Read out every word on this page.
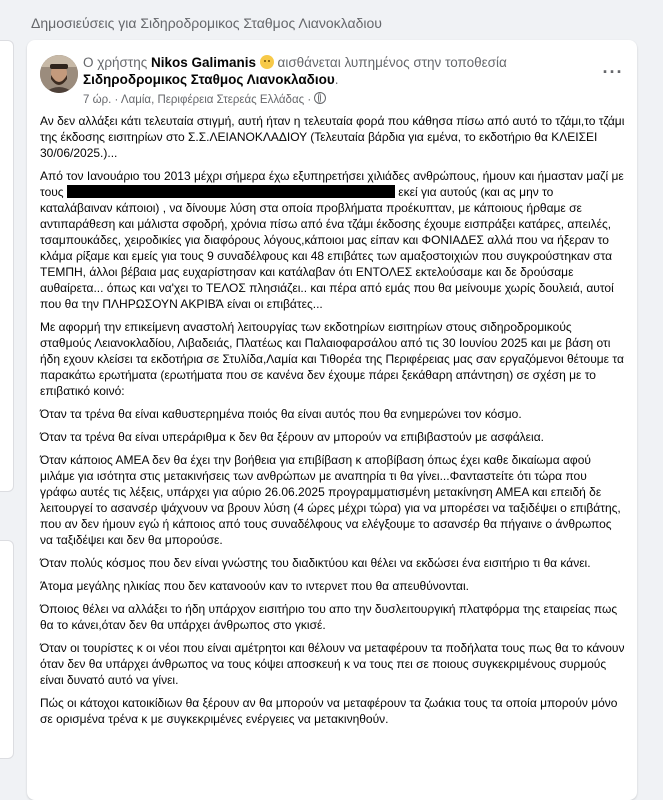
Δημοσιεύσεις για Σιδηροδρομικος Σταθμος Λιανοκλαδιου
Ο χρήστης Nikos Galimanis  αισθάνεται λυπημένος στην τοποθεσία Σιδηροδρομικος Σταθμος Λιανοκλαδιου.
7 ώρ. · Λαμία, Περιφέρεια Στερεάς Ελλάδας ·
···

Αν δεν αλλάξει κάτι τελευταία στιγμή, αυτή ήταν η τελευταία φορά που κάθησα πίσω από αυτό το τζάμι,το τζάμι της έκδοσης εισιτηρίων στο Σ.Σ.ΛΕΙΑΝΟΚΛΑΔΙΟΥ (Τελευταία βάρδια για εμένα, το εκδοτήριο θα ΚΛΕΙΣΕΙ 30/06/2025.)...

Από τον Ιανουάριο του 2013 μέχρι σήμερα έχω εξυπηρετήσει χιλιάδες ανθρώπους, ήμουν και ήμασταν μαζί με τους	εκεί για αυτούς (και ας μην το καταλάβαιναν κάποιοι) , να δίνουμε λύση στα οποία προβλήματα προέκυπταν, με κάποιους ήρθαμε σε αντιπαράθεση και μάλιστα σφοδρή, χρόνια πίσω από ένα τζάμι έκδοσης έχουμε εισπράξει κατάρες, απειλές, τσαμπουκάδες, χειροδικίες για διαφόρους λόγους,κάποιοι μας είπαν και ΦΟΝΙΑΔΕΣ αλλά που να ήξεραν το κλάμα ρίξαμε και εμείς για τους 9 συναδέλφους και 48 επιβάτες των αμαξοστοιχιών που συγκρούστηκαν στα ΤΕΜΠΗ, άλλοι βέβαια μας ευχαρίστησαν και κατάλαβαν ότι ΕΝΤΟΛΕΣ εκτελούσαμε και δε δρούσαμε αυθαίρετα... όπως και να'χει το ΤΕΛΟΣ πλησιάζει.. και πέρα από εμάς που θα μείνουμε χωρίς δουλειά, αυτοί που θα την ΠΛΗΡΩΣΟΥΝ ΑΚΡΙΒΆ είναι οι επιβάτες...

Με αφορμή την επικείμενη αναστολή λειτουργίας των εκδοτηρίων εισιτηρίων στους σιδηροδρομικούς σταθμούς Λειανοκλαδίου, Λιβαδειάς, Πλατέως και Παλαιοφαρσάλου από τις 30 Ιουνίου 2025 και με βάση οτι ήδη εχουν κλείσει τα εκδοτήρια σε Στυλίδα,Λαμία και Τιθορέα της Περιφέρειας μας σαν εργαζόμενοι θέτουμε τα παρακάτω ερωτήματα (ερωτήματα που σε κανένα δεν έχουμε πάρει ξεκάθαρη απάντηση) σε σχέση με το επιβατικό κοινό:

Όταν τα τρένα θα είναι καθυστερημένα ποιός θα είναι αυτός που θα ενημερώνει τον κόσμο.

Όταν τα τρένα θα είναι υπεράριθμα κ δεν θα ξέρουν αν μπορούν να επιβιβαστούν με ασφάλεια.

Όταν κάποιος ΑΜΕΑ δεν θα έχει την βοήθεια για επιβίβαση κ αποβίβαση όπως έχει καθε δικαίωμα αφού μιλάμε για ισότητα στις μετακινήσεις των ανθρώπων με αναπηρία τι θα γίνει...Φανταστείτε ότι τώρα που γράφω αυτές τις λέξεις, υπάρχει για αύριο 26.06.2025 προγραμματισμένη μετακίνηση ΑΜΕΑ και επειδή δε λειτουργεί το ασανσέρ ψάχνουν να βρουν λύση (4 ώρες μέχρι τώρα) για να μπορέσει να ταξιδέψει ο επιβάτης, που αν δεν ήμουν εγώ ή κάποιος από τους συναδέλφους να ελέγξουμε το ασανσέρ θα πήγαινε ο άνθρωπος να ταξιδέψει και δεν θα μπορούσε.

Όταν πολύς κόσμος που δεν είναι γνώστης του διαδικτύου και θέλει να εκδώσει ένα εισιτήριο τι θα κάνει.

Άτομα μεγάλης ηλικίας που δεν κατανοούν καν το ιντερνετ που θα απευθύνονται.

Όποιος θέλει να αλλάξει το ήδη υπάρχον εισιτήριο του απο την δυσλειτουργική πλατφόρμα της εταιρείας πως θα το κάνει,όταν δεν θα υπάρχει άνθρωπος στο γκισέ.

Όταν οι τουρίστες κ οι νέοι που είναι αμέτρητοι και θέλουν να μεταφέρουν τα ποδήλατα τους πως θα το κάνουν όταν δεν θα υπάρχει άνθρωπος να τους κόψει αποσκευή κ να τους πει σε ποιους συγκεκριμένους συρμούς είναι δυνατό αυτό να γίνει.

Πώς οι κάτοχοι κατοικίδιων θα ξέρουν αν θα μπορούν να μεταφέρουν τα ζωάκια τους τα οποία μπορούν μόνο σε ορισμένα τρένα κ με συγκεκριμένες ενέργειες να μετακινηθούν.
